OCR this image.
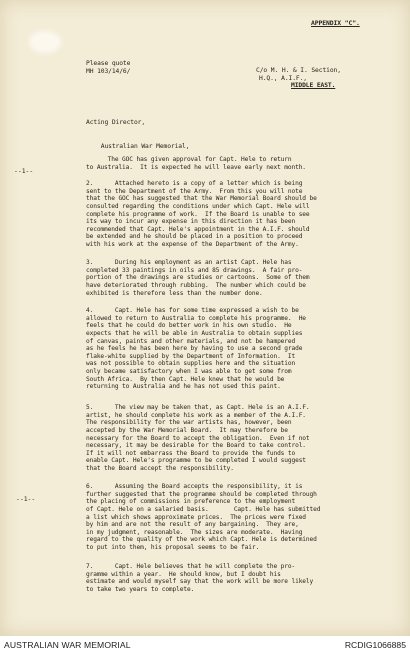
APPENDIX "C".
Please quote
MH 103/14/6/	C/o M. H. & I. Section,
H.Q., A.I.F.,
MIDDLE EAST.

Acting Director,

Australian War Memorial,

--1--
--1--

The GOC has given approval for Capt. Hele to return
to Australia.  It is expected he will leave early next month.

2.      Attached hereto is a copy of a letter which is being
sent to the Department of the Army.  From this you will note
that the GOC has suggested that the War Memorial Board should be
consulted regarding the conditions under which Capt. Hele will
complete his programme of work.  If the Board is unable to see
its way to incur any expense in this direction it has been
recommended that Capt. Hele's appointment in the A.I.F. should
be extended and he should be placed in a position to proceed
with his work at the expense of the Department of the Army.

3.      During his employment as an artist Capt. Hele has
completed 33 paintings in oils and 85 drawings.  A fair pro-
portion of the drawings are studies or cartoons.  Some of them
have deteriorated through rubbing.  The number which could be
exhibited is therefore less than the number done.

4.      Capt. Hele has for some time expressed a wish to be
allowed to return to Australia to complete his programme.  He
feels that he could do better work in his own studio.  He
expects that he will be able in Australia to obtain supplies
of canvas, paints and other materials, and not be hampered
as he feels he has been here by having to use a second grade
flake-white supplied by the Department of Information.  It
was not possible to obtain supplies here and the situation
only became satisfactory when I was able to get some from
South Africa.  By then Capt. Hele knew that he would be
returning to Australia and he has not used this paint.

5.      The view may be taken that, as Capt. Hele is an A.I.F.
artist, he should complete his work as a member of the A.I.F.
The responsibility for the war artists has, however, been
accepted by the War Memorial Board.  It may therefore be
necessary for the Board to accept the obligation.  Even if not
necessary, it may be desirable for the Board to take control.
If it will not embarrass the Board to provide the funds to
enable Capt. Hele's programme to be completed I would suggest
that the Board accept the responsibility.

6.      Assuming the Board accepts the responsibility, it is
further suggested that the programme should be completed through
the placing of commissions in preference to the employment
of Capt. Hele on a salaried basis.       Capt. Hele has submitted
a list which shows approximate prices.  The prices were fixed
by him and are not the result of any bargaining.  They are,
in my judgment, reasonable.  The sizes are moderate.  Having
regard to the quality of the work which Capt. Hele is determined
to put into them, his proposal seems to be fair.

7.      Capt. Hele believes that he will complete the pro-
gramme within a year.  He should know, but I doubt his
estimate and would myself say that the work will be more likely
to take two years to complete.

AUSTRALIAN WAR MEMORIAL	RCDIG1066885
